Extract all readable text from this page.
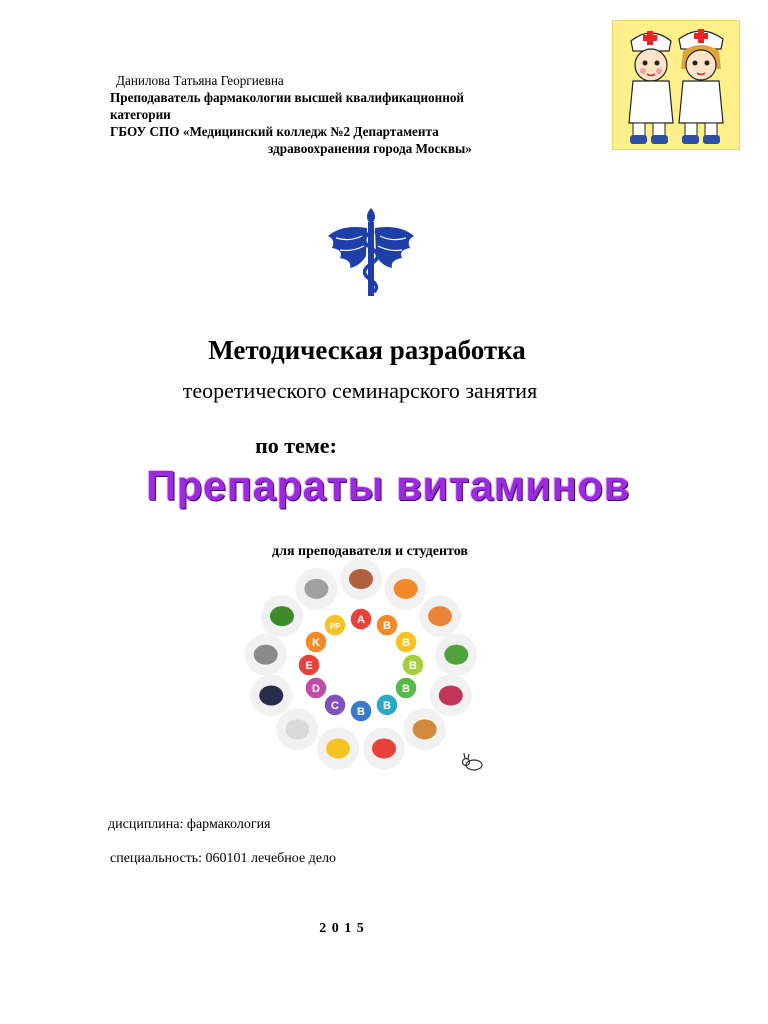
Данилова Татьяна Георгиевна
Преподаватель фармакологии высшей квалификационной
категории
ГБОУ СПО «Медицинский колледж №2 Департамента
здравоохранения города Москвы»
Методическая разработка
теоретического семинарского занятия
по теме:
Препараты витаминов
для преподавателя и студентов
A
B
B
B
B
B
B
C
D
E
K
PP
дисциплина: фармакология
специальность: 060101 лечебное дело
2 0 1 5
